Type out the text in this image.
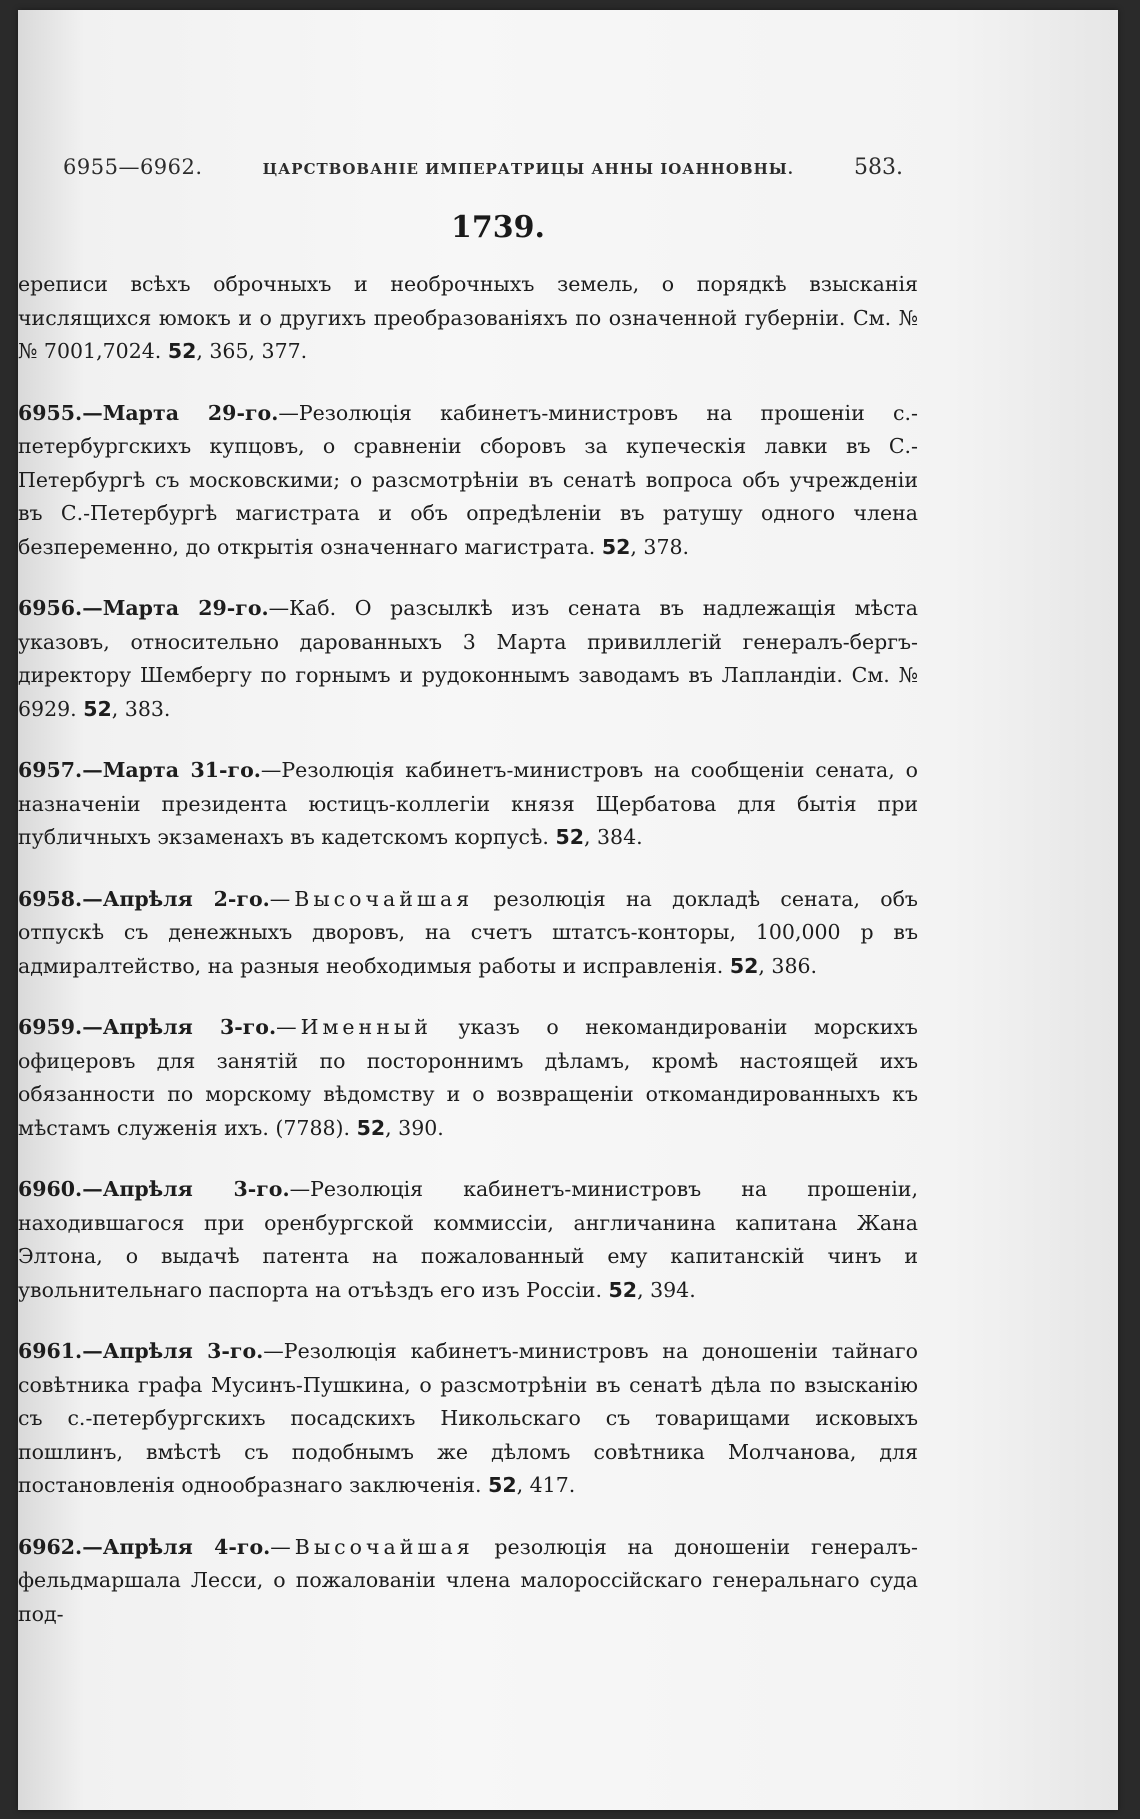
6955—6962.	ЦАРСТВОВАНІЕ ИМПЕРАТРИЦЫ АННЫ ІОАННОВНЫ.	583.
1739.

ерепиcи всѣхъ оброчныхъ и необрочныхъ земель, о порядкѣ взысканія числящихся юмокъ и о другихъ преобразованіяхъ по означенной губерніи. См. №№ 7001,7024. 52, 365, 377.

6955.—Марта 29-го.—Резолюція кабинетъ-министровъ на прошеніи с.-петербургскихъ купцовъ, о сравненіи сборовъ за купеческія лавки въ С.-Петербургѣ съ московскими; о разсмотрѣніи въ сенатѣ вопроса объ учрежденіи въ С.-Петербургѣ магистрата и объ опредѣленіи въ ратушу одного члена безпеременно, до открытія означеннаго магистрата. 52, 378.

6956.—Марта 29-го.—Каб. О разсылкѣ изъ сената въ надлежащія мѣста указовъ, относительно дарованныхъ 3 Марта привиллегій генералъ-бергъ-директору Шембергу по горнымъ и рудоконнымъ заводамъ въ Лапландіи. См. № 6929. 52, 383.

6957.—Марта 31-го.—Резолюція кабинетъ-министровъ на сообщеніи сената, о назначеніи президента юстицъ-коллегіи князя Щербатова для бытія при публичныхъ экзаменахъ въ кадетскомъ корпусѣ. 52, 384.

6958.—Апрѣля 2-го.—Высочайшая резолюція на докладѣ сената, объ отпускѣ съ денежныхъ дворовъ, на счетъ штатсъ-конторы, 100,000 р въ адмиралтейство, на разныя необходимыя работы и исправленія. 52, 386.

6959.—Апрѣля 3-го.—Именный указъ о некомандированіи морскихъ офицеровъ для занятій по постороннимъ дѣламъ, кромѣ настоящей ихъ обязанности по морскому вѣдомству и о возвращеніи откомандированныхъ къ мѣстамъ служенія ихъ. (7788). 52, 390.

6960.—Апрѣля 3-го.—Резолюція кабинетъ-министровъ на прошеніи, находившагося при оренбургской коммиссіи, англичанина капитана Жана Элтона, о выдачѣ патента на пожалованный ему капитанскій чинъ и увольнительнаго паспорта на отъѣздъ его изъ Россіи. 52, 394.

6961.—Апрѣля 3-го.—Резолюція кабинетъ-министровъ на доношеніи тайнаго совѣтника графа Мусинъ-Пушкина, о разсмотрѣніи въ сенатѣ дѣла по взысканію съ с.-петербургскихъ посадскихъ Никольскаго съ товарищами исковыхъ пошлинъ, вмѣстѣ съ подобнымъ же дѣломъ совѣтника Молчанова, для постановленія однообразнаго заключенія. 52, 417.

6962.—Апрѣля 4-го.—Высочайшая резолюція на доношеніи генералъ-фельдмаршала Лесси, о пожалованіи члена малороссійскаго генеральнаго суда под-
